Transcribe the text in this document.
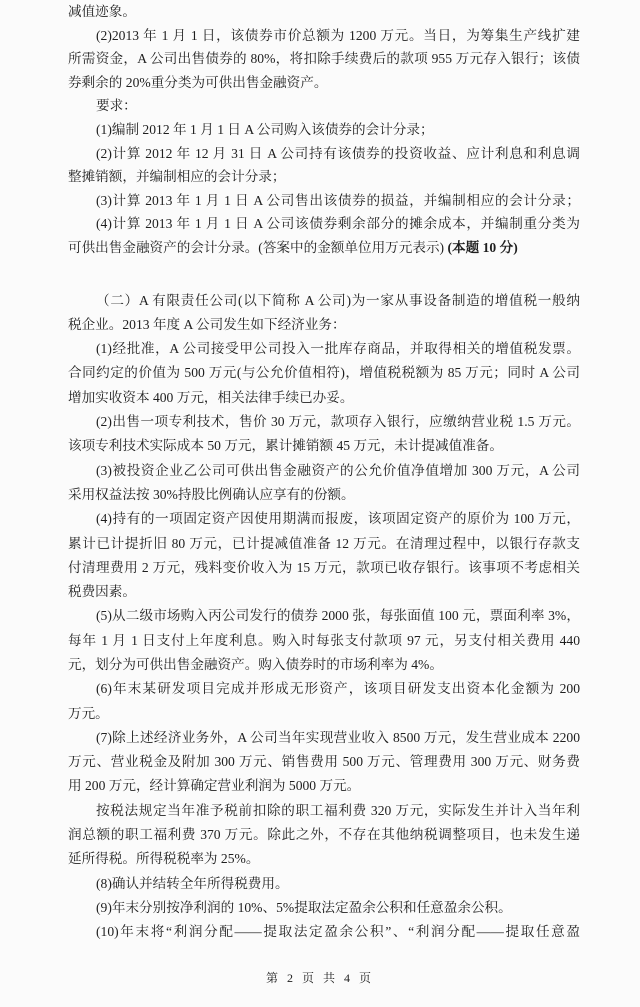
减值迹象。
(2)2013 年 1 月 1 日，该债券市价总额为 1200 万元。当日，为筹集生产线扩建
所需资金，A 公司出售债券的 80%，将扣除手续费后的款项 955 万元存入银行；该债
券剩余的 20%重分类为可供出售金融资产。
要求：
(1)编制 2012 年 1 月 1 日 A 公司购入该债券的会计分录；
(2)计算 2012 年 12 月 31 日 A 公司持有该债券的投资收益、应计利息和利息调
整摊销额，并编制相应的会计分录；
(3)计算 2013 年 1 月 1 日 A 公司售出该债券的损益，并编制相应的会计分录；
(4)计算 2013 年 1 月 1 日 A 公司该债券剩余部分的摊余成本，并编制重分类为
可供出售金融资产的会计分录。(答案中的金额单位用万元表示) (本题 10 分)
（二）A 有限责任公司(以下简称 A 公司)为一家从事设备制造的增值税一般纳
税企业。2013 年度 A 公司发生如下经济业务：
(1)经批准，A 公司接受甲公司投入一批库存商品，并取得相关的增值税发票。
合同约定的价值为 500 万元(与公允价值相符)，增值税税额为 85 万元；同时 A 公司
增加实收资本 400 万元，相关法律手续已办妥。
(2)出售一项专利技术，售价 30 万元，款项存入银行，应缴纳营业税 1.5 万元。
该项专利技术实际成本 50 万元，累计摊销额 45 万元，未计提减值准备。
(3)被投资企业乙公司可供出售金融资产的公允价值净值增加 300 万元，A 公司
采用权益法按 30%持股比例确认应享有的份额。
(4)持有的一项固定资产因使用期满而报废，该项固定资产的原价为 100 万元，
累计已计提折旧 80 万元，已计提减值准备 12 万元。在清理过程中，以银行存款支
付清理费用 2 万元，残料变价收入为 15 万元，款项已收存银行。该事项不考虑相关
税费因素。
(5)从二级市场购入丙公司发行的债券 2000 张，每张面值 100 元，票面利率 3%，
每年 1 月 1 日支付上年度利息。购入时每张支付款项 97 元，另支付相关费用 440
元，划分为可供出售金融资产。购入债券时的市场利率为 4%。
(6)年末某研发项目完成并形成无形资产，该项目研发支出资本化金额为 200
万元。
(7)除上述经济业务外，A 公司当年实现营业收入 8500 万元，发生营业成本 2200
万元、营业税金及附加 300 万元、销售费用 500 万元、管理费用 300 万元、财务费
用 200 万元，经计算确定营业利润为 5000 万元。
按税法规定当年准予税前扣除的职工福利费 320 万元，实际发生并计入当年利
润总额的职工福利费 370 万元。除此之外，不存在其他纳税调整项目，也未发生递
延所得税。所得税税率为 25%。
(8)确认并结转全年所得税费用。
(9)年末分别按净利润的 10%、5%提取法定盈余公积和任意盈余公积。
(10)年末将“利润分配——提取法定盈余公积”、“利润分配——提取任意盈
第 2 页 共 4 页
